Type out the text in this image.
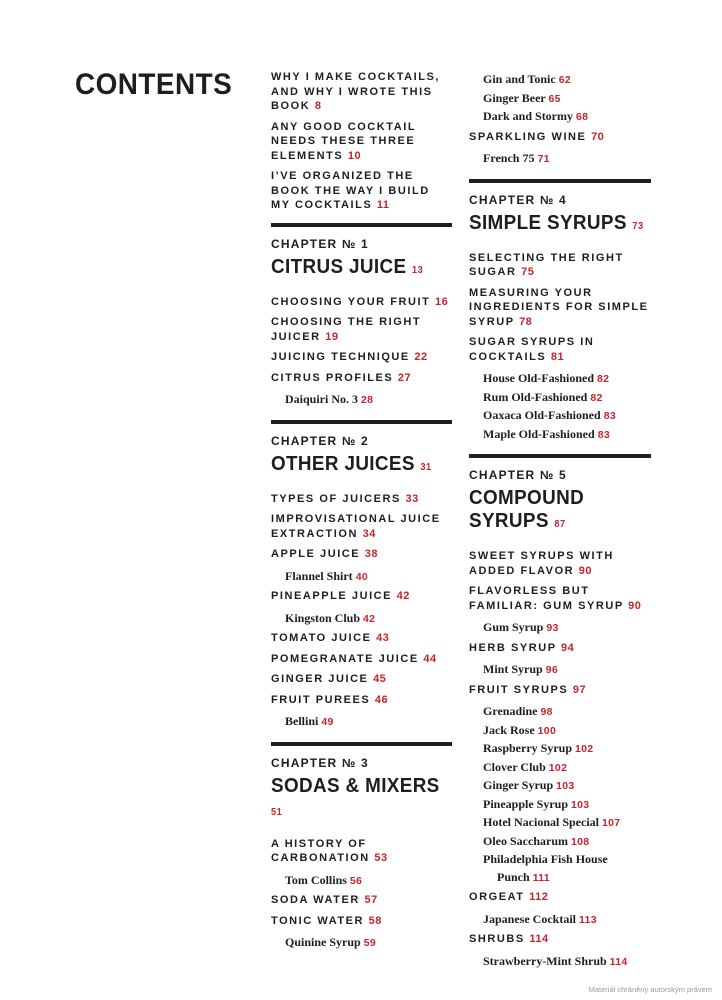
CONTENTS	WHY I MAKE COCKTAILS, AND WHY I WROTE THIS BOOK 8
ANY GOOD COCKTAIL NEEDS THESE THREE ELEMENTS 10
I’VE ORGANIZED THE BOOK THE WAY I BUILD MY COCKTAILS 11
CHAPTER № 1
CITRUS JUICE 13
CHOOSING YOUR FRUIT 16
CHOOSING THE RIGHT JUICER 19
JUICING TECHNIQUE 22
CITRUS PROFILES 27
Daiquiri No. 3 28
CHAPTER № 2
OTHER JUICES 31
TYPES OF JUICERS 33
IMPROVISATIONAL JUICE EXTRACTION 34
APPLE JUICE 38
Flannel Shirt 40
PINEAPPLE JUICE 42
Kingston Club 42
TOMATO JUICE 43
POMEGRANATE JUICE 44
GINGER JUICE 45
FRUIT PUREES 46
Bellini 49
CHAPTER № 3
SODAS & MIXERS 51
A HISTORY OF CARBONATION 53
Tom Collins 56
SODA WATER 57
TONIC WATER 58
Quinine Syrup 59
Gin and Tonic 62
Ginger Beer 65
Dark and Stormy 68
SPARKLING WINE 70
French 75 71
CHAPTER № 4
SIMPLE SYRUPS 73
SELECTING THE RIGHT SUGAR 75
MEASURING YOUR INGREDIENTS FOR SIMPLE SYRUP 78
SUGAR SYRUPS IN COCKTAILS 81
House Old-Fashioned 82
Rum Old-Fashioned 82
Oaxaca Old-Fashioned 83
Maple Old-Fashioned 83
CHAPTER № 5
COMPOUND SYRUPS 87
SWEET SYRUPS WITH ADDED FLAVOR 90
FLAVORLESS BUT FAMILIAR: GUM SYRUP 90
Gum Syrup 93
HERB SYRUP 94
Mint Syrup 96
FRUIT SYRUPS 97
Grenadine 98
Jack Rose 100
Raspberry Syrup 102
Clover Club 102
Ginger Syrup 103
Pineapple Syrup 103
Hotel Nacional Special 107
Oleo Saccharum 108
Philadelphia Fish House
Punch 111
ORGEAT 112
Japanese Cocktail 113
SHRUBS 114
Strawberry-Mint Shrub 114
Materiál chráněný autorským právem
